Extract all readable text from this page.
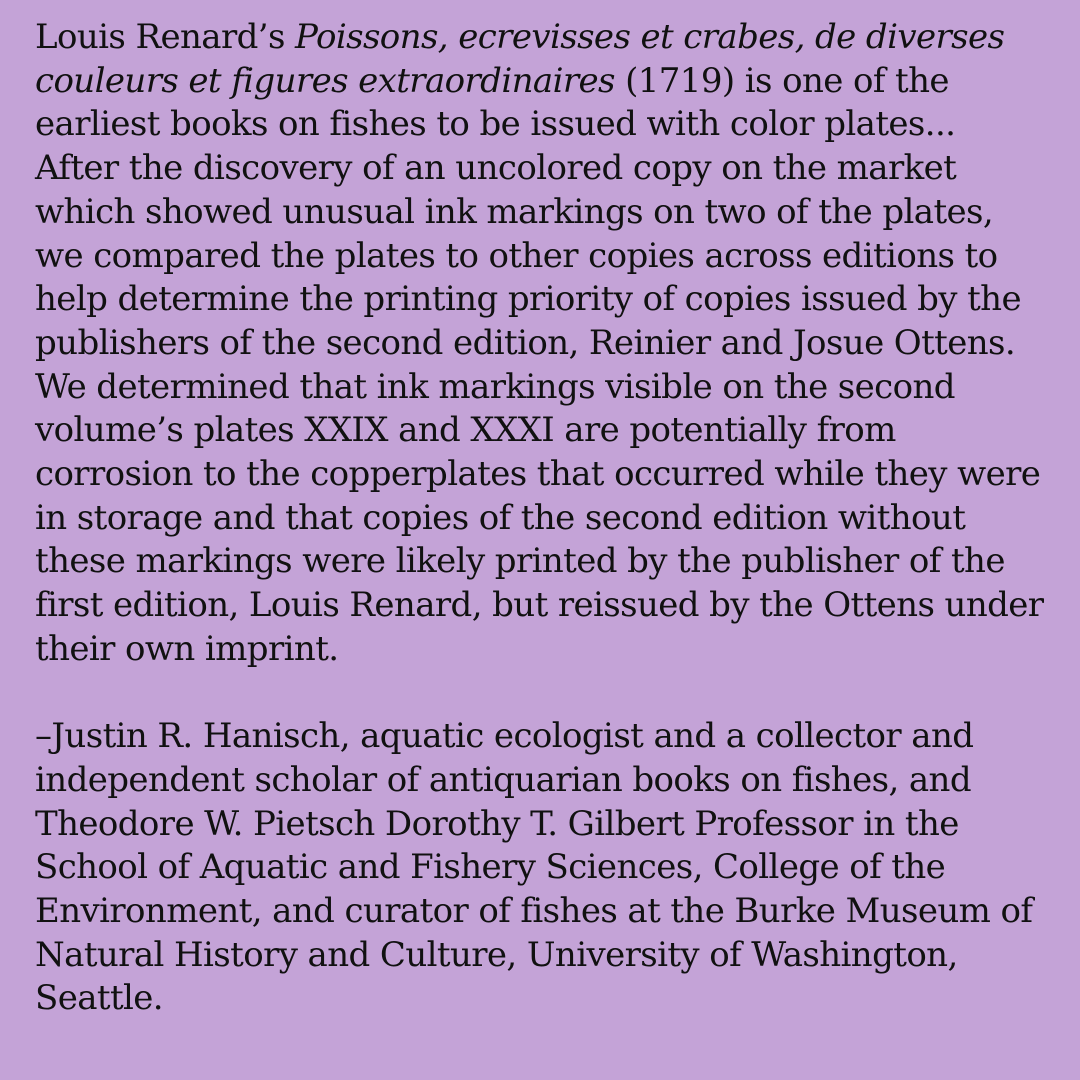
Louis Renard’s Poissons, ecrevisses et crabes, de diverses couleurs et figures extraordinaires (1719) is one of the earliest books on fishes to be issued with color plates... After the discovery of an uncolored copy on the market which showed unusual ink markings on two of the plates, we compared the plates to other copies across editions to help determine the printing priority of copies issued by the publishers of the second edition, Reinier and Josue Ottens. We determined that ink markings visible on the second volume’s plates XXIX and XXXI are potentially from corrosion to the copperplates that occurred while they were in storage and that copies of the second edition without these markings were likely printed by the publisher of the first edition, Louis Renard, but reissued by the Ottens under their own imprint.

–Justin R. Hanisch, aquatic ecologist and a collector and independent scholar of antiquarian books on fishes, and Theodore W. Pietsch Dorothy T. Gilbert Professor in the School of Aquatic and Fishery Sciences, College of the Environment, and curator of fishes at the Burke Museum of Natural History and Culture, University of Washington, Seattle.
